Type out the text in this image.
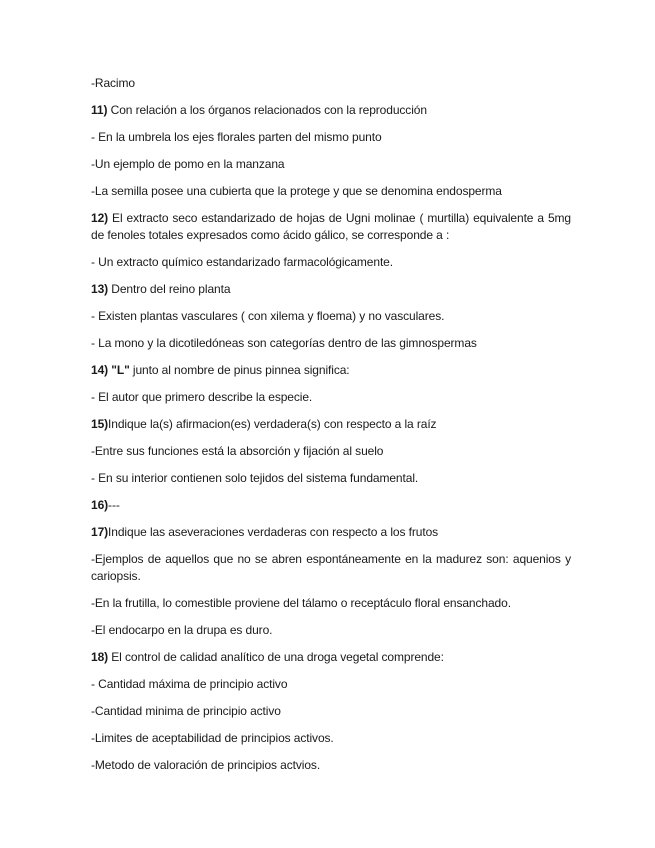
-Racimo

11) Con relación a los órganos relacionados con la reproducción

- En la umbrela los ejes florales parten del mismo punto

-Un ejemplo de pomo en la manzana

-La semilla posee una cubierta que la protege y que se denomina endosperma

12) El extracto seco estandarizado de hojas de Ugni molinae ( murtilla) equivalente a 5mg de fenoles totales expresados como ácido gálico, se corresponde a :

- Un extracto químico estandarizado farmacológicamente.

13) Dentro del reino planta

- Existen plantas vasculares ( con xilema y floema) y no vasculares.

- La mono y la dicotiledóneas son categorías dentro de las gimnospermas

14) "L" junto al nombre de pinus pinnea significa:

- El autor que primero describe la especie.

15)Indique la(s) afirmacion(es) verdadera(s) con respecto a la raíz

-Entre sus funciones está la absorción y fijación al suelo

- En su interior contienen solo tejidos del sistema fundamental.

16)---

17)Indique las aseveraciones verdaderas con respecto a los frutos

-Ejemplos de aquellos que no se abren espontáneamente en la madurez son: aquenios y cariopsis.

-En la frutilla, lo comestible proviene del tálamo o receptáculo floral ensanchado.

-El endocarpo en la drupa es duro.

18) El control de calidad analítico de una droga vegetal comprende:

- Cantidad máxima de principio activo

-Cantidad minima de principio activo

-Limites de aceptabilidad de principios activos.

-Metodo de valoración de principios actvios.
